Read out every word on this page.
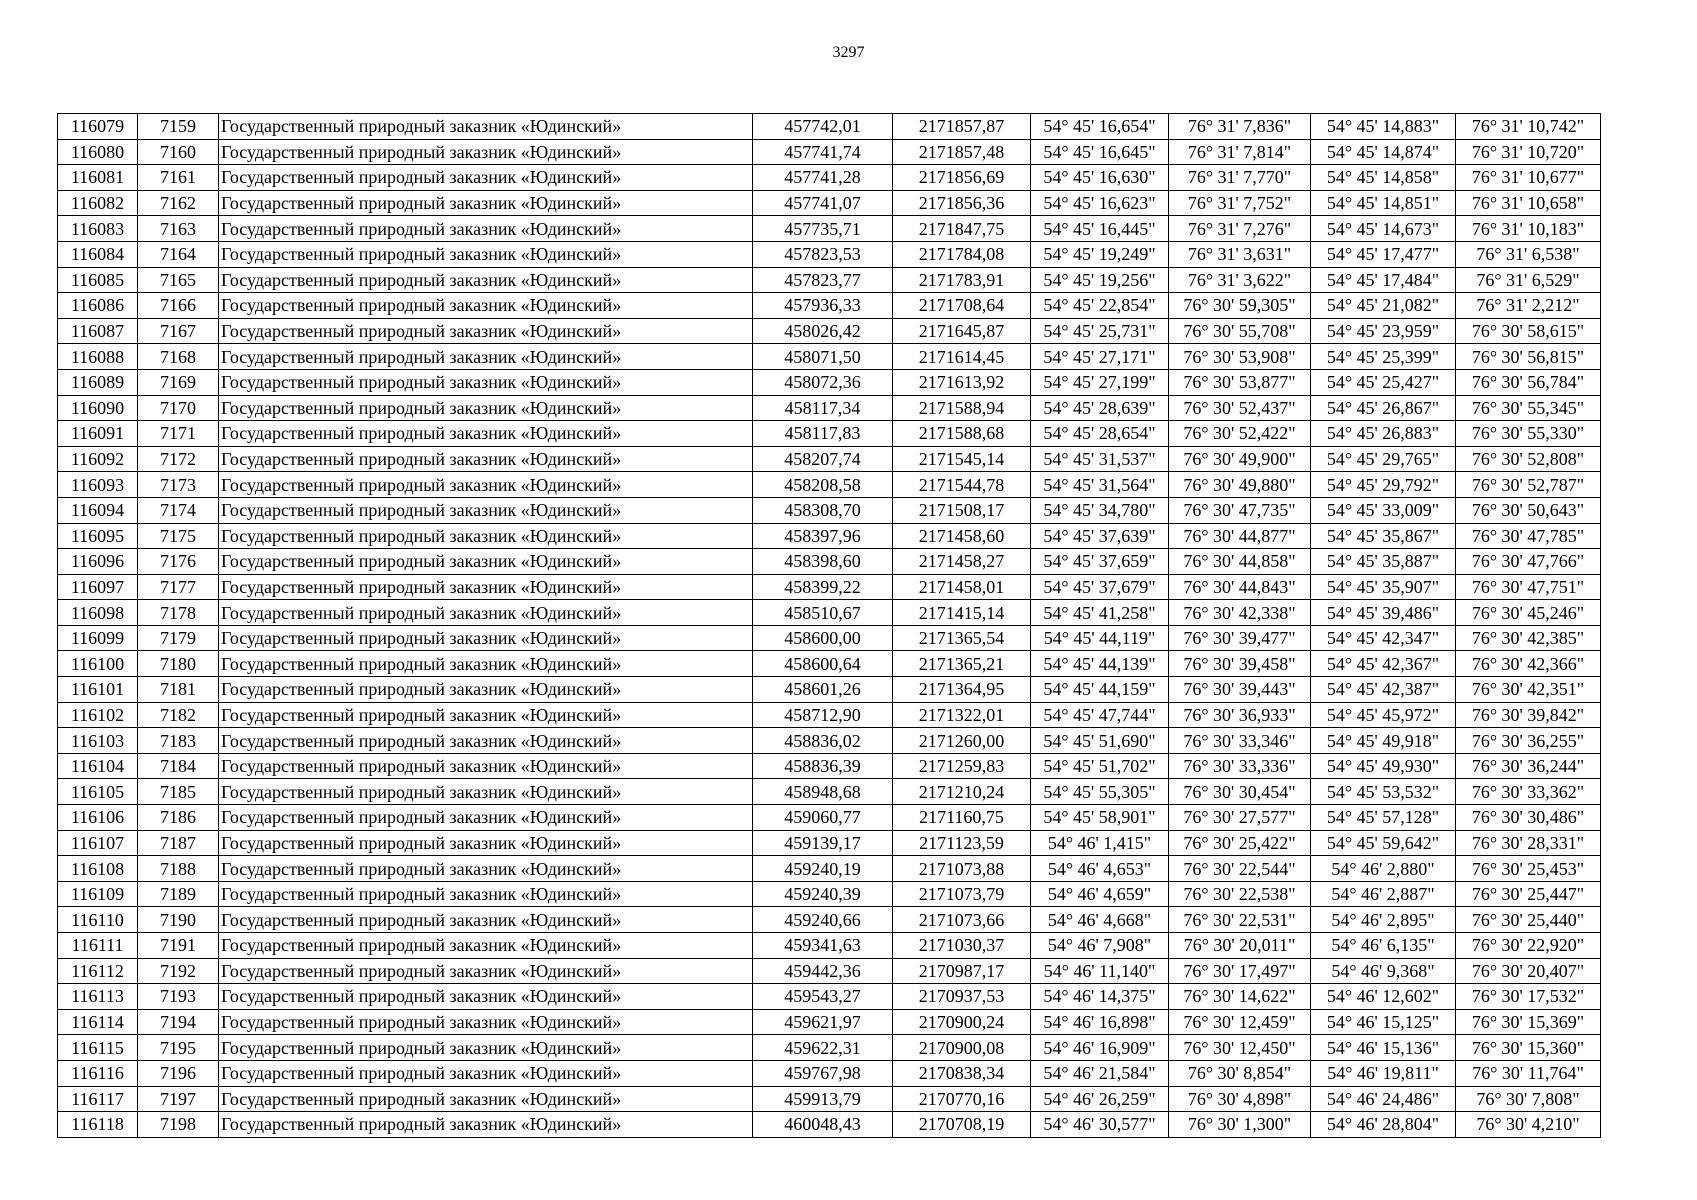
3297
116079	7159	Государственный природный заказник «Юдинский»	457742,01	2171857,87	54° 45' 16,654"	76° 31' 7,836"	54° 45' 14,883"	76° 31' 10,742"
116080	7160	Государственный природный заказник «Юдинский»	457741,74	2171857,48	54° 45' 16,645"	76° 31' 7,814"	54° 45' 14,874"	76° 31' 10,720"
116081	7161	Государственный природный заказник «Юдинский»	457741,28	2171856,69	54° 45' 16,630"	76° 31' 7,770"	54° 45' 14,858"	76° 31' 10,677"
116082	7162	Государственный природный заказник «Юдинский»	457741,07	2171856,36	54° 45' 16,623"	76° 31' 7,752"	54° 45' 14,851"	76° 31' 10,658"
116083	7163	Государственный природный заказник «Юдинский»	457735,71	2171847,75	54° 45' 16,445"	76° 31' 7,276"	54° 45' 14,673"	76° 31' 10,183"
116084	7164	Государственный природный заказник «Юдинский»	457823,53	2171784,08	54° 45' 19,249"	76° 31' 3,631"	54° 45' 17,477"	76° 31' 6,538"
116085	7165	Государственный природный заказник «Юдинский»	457823,77	2171783,91	54° 45' 19,256"	76° 31' 3,622"	54° 45' 17,484"	76° 31' 6,529"
116086	7166	Государственный природный заказник «Юдинский»	457936,33	2171708,64	54° 45' 22,854"	76° 30' 59,305"	54° 45' 21,082"	76° 31' 2,212"
116087	7167	Государственный природный заказник «Юдинский»	458026,42	2171645,87	54° 45' 25,731"	76° 30' 55,708"	54° 45' 23,959"	76° 30' 58,615"
116088	7168	Государственный природный заказник «Юдинский»	458071,50	2171614,45	54° 45' 27,171"	76° 30' 53,908"	54° 45' 25,399"	76° 30' 56,815"
116089	7169	Государственный природный заказник «Юдинский»	458072,36	2171613,92	54° 45' 27,199"	76° 30' 53,877"	54° 45' 25,427"	76° 30' 56,784"
116090	7170	Государственный природный заказник «Юдинский»	458117,34	2171588,94	54° 45' 28,639"	76° 30' 52,437"	54° 45' 26,867"	76° 30' 55,345"
116091	7171	Государственный природный заказник «Юдинский»	458117,83	2171588,68	54° 45' 28,654"	76° 30' 52,422"	54° 45' 26,883"	76° 30' 55,330"
116092	7172	Государственный природный заказник «Юдинский»	458207,74	2171545,14	54° 45' 31,537"	76° 30' 49,900"	54° 45' 29,765"	76° 30' 52,808"
116093	7173	Государственный природный заказник «Юдинский»	458208,58	2171544,78	54° 45' 31,564"	76° 30' 49,880"	54° 45' 29,792"	76° 30' 52,787"
116094	7174	Государственный природный заказник «Юдинский»	458308,70	2171508,17	54° 45' 34,780"	76° 30' 47,735"	54° 45' 33,009"	76° 30' 50,643"
116095	7175	Государственный природный заказник «Юдинский»	458397,96	2171458,60	54° 45' 37,639"	76° 30' 44,877"	54° 45' 35,867"	76° 30' 47,785"
116096	7176	Государственный природный заказник «Юдинский»	458398,60	2171458,27	54° 45' 37,659"	76° 30' 44,858"	54° 45' 35,887"	76° 30' 47,766"
116097	7177	Государственный природный заказник «Юдинский»	458399,22	2171458,01	54° 45' 37,679"	76° 30' 44,843"	54° 45' 35,907"	76° 30' 47,751"
116098	7178	Государственный природный заказник «Юдинский»	458510,67	2171415,14	54° 45' 41,258"	76° 30' 42,338"	54° 45' 39,486"	76° 30' 45,246"
116099	7179	Государственный природный заказник «Юдинский»	458600,00	2171365,54	54° 45' 44,119"	76° 30' 39,477"	54° 45' 42,347"	76° 30' 42,385"
116100	7180	Государственный природный заказник «Юдинский»	458600,64	2171365,21	54° 45' 44,139"	76° 30' 39,458"	54° 45' 42,367"	76° 30' 42,366"
116101	7181	Государственный природный заказник «Юдинский»	458601,26	2171364,95	54° 45' 44,159"	76° 30' 39,443"	54° 45' 42,387"	76° 30' 42,351"
116102	7182	Государственный природный заказник «Юдинский»	458712,90	2171322,01	54° 45' 47,744"	76° 30' 36,933"	54° 45' 45,972"	76° 30' 39,842"
116103	7183	Государственный природный заказник «Юдинский»	458836,02	2171260,00	54° 45' 51,690"	76° 30' 33,346"	54° 45' 49,918"	76° 30' 36,255"
116104	7184	Государственный природный заказник «Юдинский»	458836,39	2171259,83	54° 45' 51,702"	76° 30' 33,336"	54° 45' 49,930"	76° 30' 36,244"
116105	7185	Государственный природный заказник «Юдинский»	458948,68	2171210,24	54° 45' 55,305"	76° 30' 30,454"	54° 45' 53,532"	76° 30' 33,362"
116106	7186	Государственный природный заказник «Юдинский»	459060,77	2171160,75	54° 45' 58,901"	76° 30' 27,577"	54° 45' 57,128"	76° 30' 30,486"
116107	7187	Государственный природный заказник «Юдинский»	459139,17	2171123,59	54° 46' 1,415"	76° 30' 25,422"	54° 45' 59,642"	76° 30' 28,331"
116108	7188	Государственный природный заказник «Юдинский»	459240,19	2171073,88	54° 46' 4,653"	76° 30' 22,544"	54° 46' 2,880"	76° 30' 25,453"
116109	7189	Государственный природный заказник «Юдинский»	459240,39	2171073,79	54° 46' 4,659"	76° 30' 22,538"	54° 46' 2,887"	76° 30' 25,447"
116110	7190	Государственный природный заказник «Юдинский»	459240,66	2171073,66	54° 46' 4,668"	76° 30' 22,531"	54° 46' 2,895"	76° 30' 25,440"
116111	7191	Государственный природный заказник «Юдинский»	459341,63	2171030,37	54° 46' 7,908"	76° 30' 20,011"	54° 46' 6,135"	76° 30' 22,920"
116112	7192	Государственный природный заказник «Юдинский»	459442,36	2170987,17	54° 46' 11,140"	76° 30' 17,497"	54° 46' 9,368"	76° 30' 20,407"
116113	7193	Государственный природный заказник «Юдинский»	459543,27	2170937,53	54° 46' 14,375"	76° 30' 14,622"	54° 46' 12,602"	76° 30' 17,532"
116114	7194	Государственный природный заказник «Юдинский»	459621,97	2170900,24	54° 46' 16,898"	76° 30' 12,459"	54° 46' 15,125"	76° 30' 15,369"
116115	7195	Государственный природный заказник «Юдинский»	459622,31	2170900,08	54° 46' 16,909"	76° 30' 12,450"	54° 46' 15,136"	76° 30' 15,360"
116116	7196	Государственный природный заказник «Юдинский»	459767,98	2170838,34	54° 46' 21,584"	76° 30' 8,854"	54° 46' 19,811"	76° 30' 11,764"
116117	7197	Государственный природный заказник «Юдинский»	459913,79	2170770,16	54° 46' 26,259"	76° 30' 4,898"	54° 46' 24,486"	76° 30' 7,808"
116118	7198	Государственный природный заказник «Юдинский»	460048,43	2170708,19	54° 46' 30,577"	76° 30' 1,300"	54° 46' 28,804"	76° 30' 4,210"
